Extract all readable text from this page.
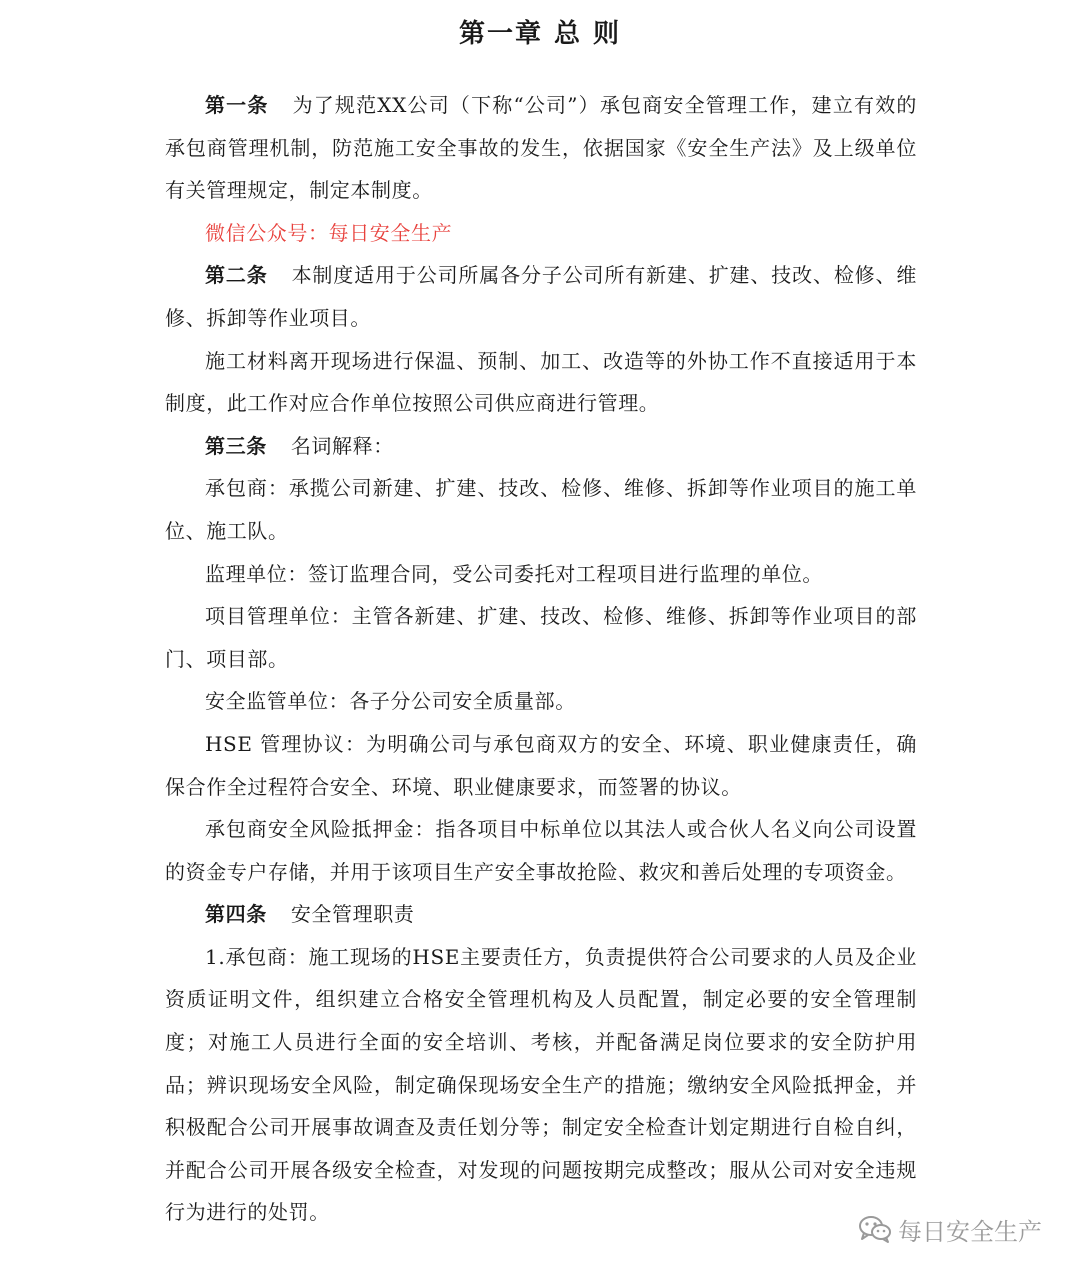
第一章 总 则

第一条 为了规范XX公司（下称“公司”）承包商安全管理工作，建立有效的承包商管理机制，防范施工安全事故的发生，依据国家《安全生产法》及上级单位有关管理规定，制定本制度。

微信公众号：每日安全生产

第二条 本制度适用于公司所属各分子公司所有新建、扩建、技改、检修、维修、拆卸等作业项目。

施工材料离开现场进行保温、预制、加工、改造等的外协工作不直接适用于本制度，此工作对应合作单位按照公司供应商进行管理。

第三条 名词解释：

承包商：承揽公司新建、扩建、技改、检修、维修、拆卸等作业项目的施工单位、施工队。

监理单位：签订监理合同，受公司委托对工程项目进行监理的单位。

项目管理单位：主管各新建、扩建、技改、检修、维修、拆卸等作业项目的部门、项目部。

安全监管单位：各子分公司安全质量部。

HSE 管理协议：为明确公司与承包商双方的安全、环境、职业健康责任，确保合作全过程符合安全、环境、职业健康要求，而签署的协议。

承包商安全风险抵押金：指各项目中标单位以其法人或合伙人名义向公司设置的资金专户存储，并用于该项目生产安全事故抢险、救灾和善后处理的专项资金。

第四条 安全管理职责

1.承包商：施工现场的HSE主要责任方，负责提供符合公司要求的人员及企业资质证明文件，组织建立合格安全管理机构及人员配置，制定必要的安全管理制度；对施工人员进行全面的安全培训、考核，并配备满足岗位要求的安全防护用品；辨识现场安全风险，制定确保现场安全生产的措施；缴纳安全风险抵押金，并积极配合公司开展事故调查及责任划分等；制定安全检查计划定期进行自检自纠，并配合公司开展各级安全检查，对发现的问题按期完成整改；服从公司对安全违规行为进行的处罚。

每日安全生产
